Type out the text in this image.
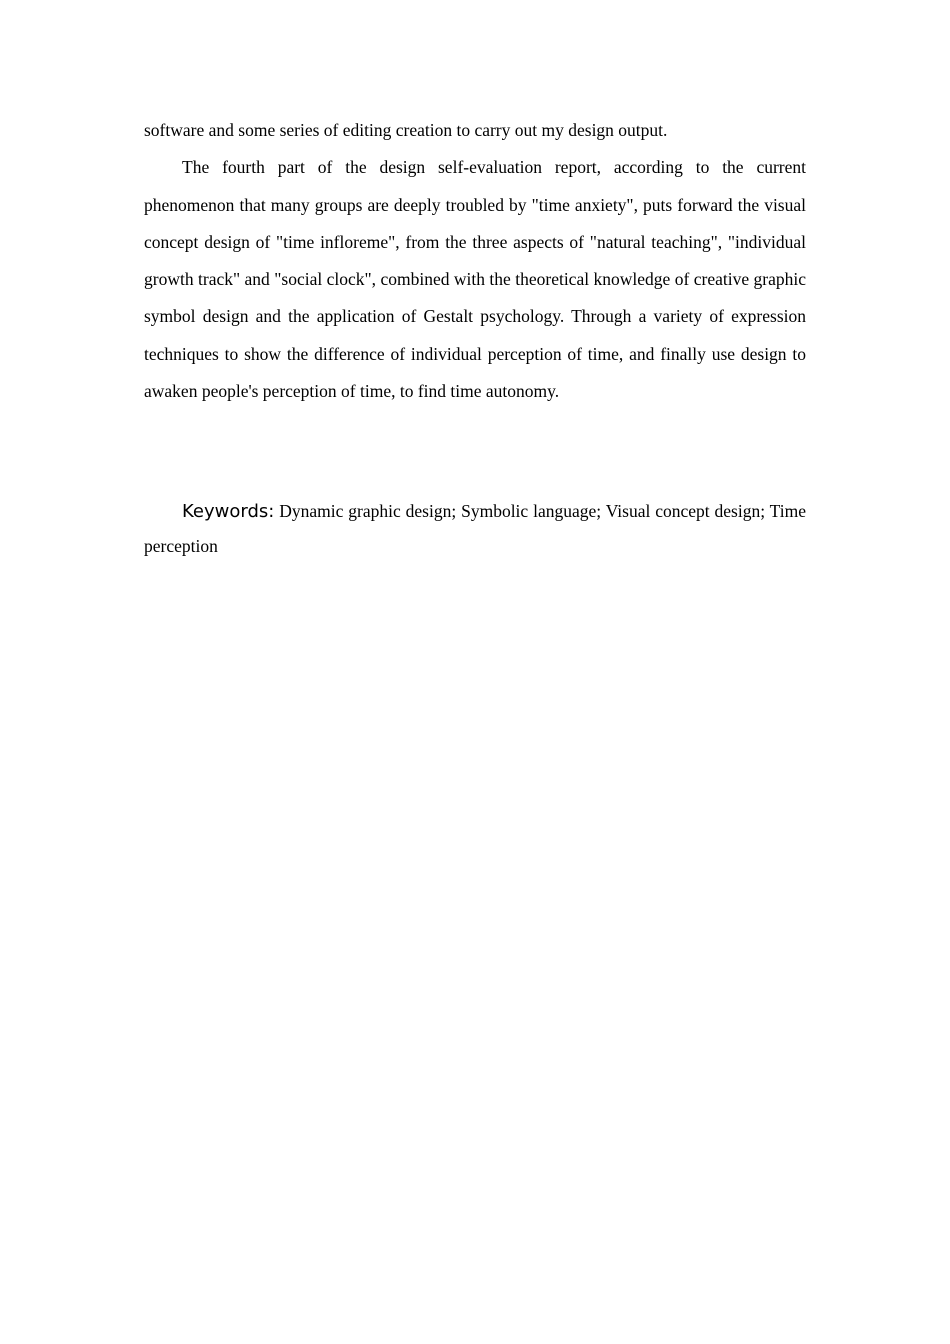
software and some series of editing creation to carry out my design output.

The fourth part of the design self-evaluation report, according to the current phenomenon that many groups are deeply troubled by "time anxiety", puts forward the visual concept design of "time infloreme", from the three aspects of "natural teaching", "individual growth track" and "social clock", combined with the theoretical knowledge of creative graphic symbol design and the application of Gestalt psychology. Through a variety of expression techniques to show the difference of individual perception of time, and finally use design to awaken people's perception of time, to find time autonomy.

Keywords: Dynamic graphic design; Symbolic language; Visual concept design; Time perception
